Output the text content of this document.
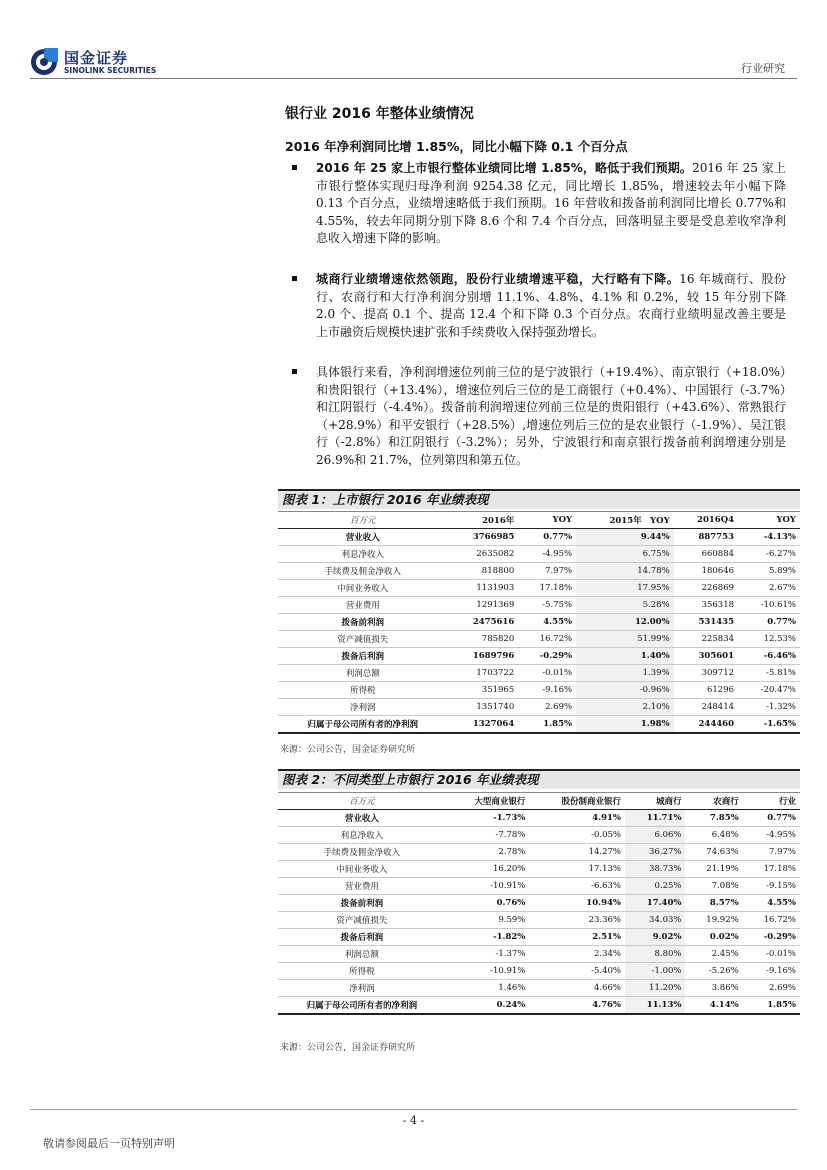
国金证券
SINOLINK SECURITIES	行业研究
银行业 2016 年整体业绩情况
2016 年净利润同比增 1.85%，同比小幅下降 0.1 个百分点
2016 年 25 家上市银行整体业绩同比增 1.85%，略低于我们预期。2016 年 25 家上市银行整体实现归母净利润 9254.38 亿元，同比增长 1.85%，增速较去年小幅下降 0.13 个百分点，业绩增速略低于我们预期。16 年营收和拨备前利润同比增长 0.77%和 4.55%，较去年同期分别下降 8.6 个和 7.4 个百分点，回落明显主要是受息差收窄净利息收入增速下降的影响。
城商行业绩增速依然领跑，股份行业绩增速平稳，大行略有下降。16 年城商行、股份行、农商行和大行净利润分别增 11.1%、4.8%、4.1% 和 0.2%，较 15 年分别下降 2.0 个、提高 0.1 个、提高 12.4 个和下降 0.3 个百分点。农商行业绩明显改善主要是上市融资后规模快速扩张和手续费收入保持强劲增长。
具体银行来看，净利润增速位列前三位的是宁波银行（+19.4%）、南京银行（+18.0%）和贵阳银行（+13.4%），增速位列后三位的是工商银行（+0.4%）、中国银行（-3.7%）和江阴银行（-4.4%）。拨备前利润增速位列前三位是的贵阳银行（+43.6%）、常熟银行（+28.9%）和平安银行（+28.5%）,增速位列后三位的是农业银行（-1.9%）、吴江银行（-2.8%）和江阴银行（-3.2%）；另外，宁波银行和南京银行拨备前利润增速分别是 26.9%和 21.7%，位列第四和第五位。
图表 1：上市银行 2016 年业绩表现
百万元	2016年	YOY	2015年　YOY	2016Q4	YOY
营业收入	3766985	0.77%	9.44%	887753	-4.13%
利息净收入	2635082	-4.95%	6.75%	660884	-6.27%
手续费及佣金净收入	818800	7.97%	14.78%	180646	5.89%
中间业务收入	1131903	17.18%	17.95%	226869	2.67%
营业费用	1291369	-5.75%	5.28%	356318	-10.61%
拨备前利润	2475616	4.55%	12.00%	531435	0.77%
资产减值损失	785820	16.72%	51.99%	225834	12.53%
拨备后利润	1689796	-0.29%	1.40%	305601	-6.46%
利润总额	1703722	-0.01%	1.39%	309712	-5.81%
所得税	351965	-9.16%	-0.96%	61296	-20.47%
净利润	1351740	2.69%	2.10%	248414	-1.32%
归属于母公司所有者的净利润	1327064	1.85%	1.98%	244460	-1.65%
来源：公司公告，国金证券研究所
图表 2：不同类型上市银行 2016 年业绩表现
百万元	大型商业银行	股份制商业银行	城商行	农商行	行业
营业收入	-1.73%	4.91%	11.71%	7.85%	0.77%
利息净收入	-7.78%	-0.05%	6.06%	6.48%	-4.95%
手续费及佣金净收入	2.78%	14.27%	36.27%	74.63%	7.97%
中间业务收入	16.20%	17.13%	38.73%	21.19%	17.18%
营业费用	-10.91%	-6.63%	0.25%	7.08%	-9.15%
拨备前利润	0.76%	10.94%	17.40%	8.57%	4.55%
资产减值损失	9.59%	23.36%	34.03%	19.92%	16.72%
拨备后利润	-1.82%	2.51%	9.02%	0.02%	-0.29%
利润总额	-1.37%	2.34%	8.80%	2.45%	-0.01%
所得税	-10.91%	-5.40%	-1.00%	-5.26%	-9.16%
净利润	1.46%	4.66%	11.20%	3.86%	2.69%
归属于母公司所有者的净利润	0.24%	4.76%	11.13%	4.14%	1.85%
来源：公司公告，国金证券研究所
- 4 -
敬请参阅最后一页特别声明
